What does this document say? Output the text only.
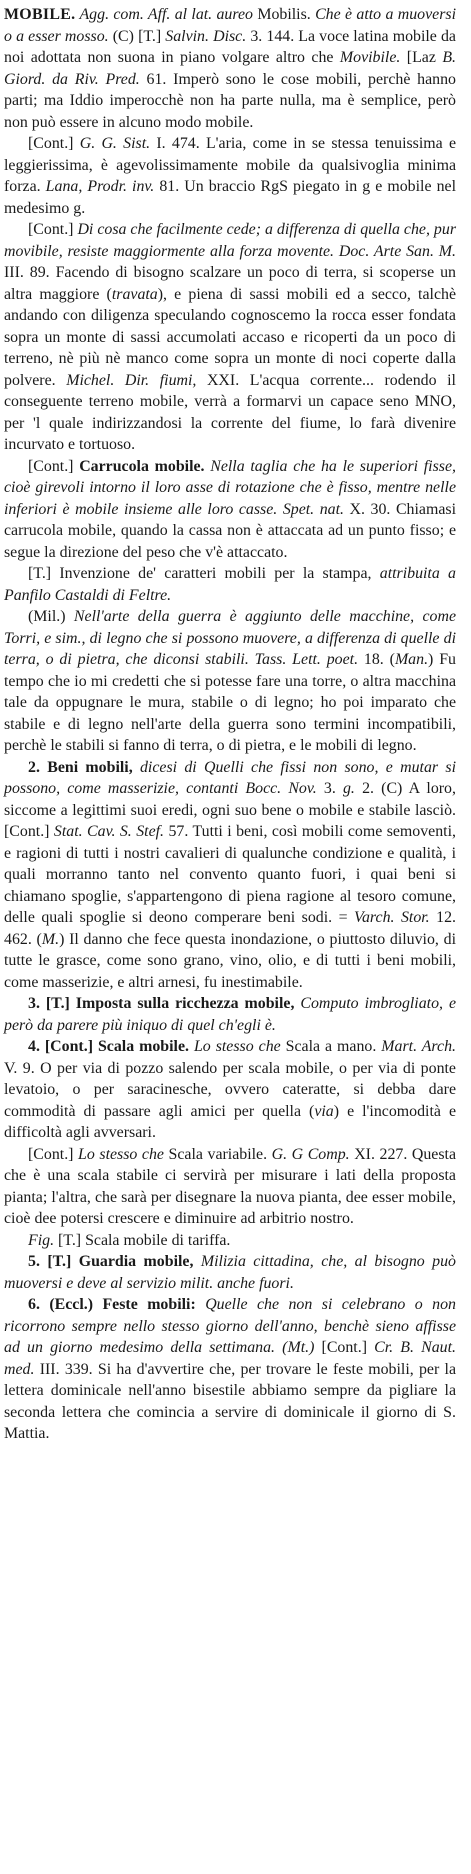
MOBILE. Agg. com. Aff. al lat. aureo Mobilis. Che è atto a muoversi o a esser mosso. (C) [T.] Salvin. Disc. 3. 144. La voce latina mobile da noi adottata non suona in piano volgare altro che Movibile. [Laz B. Giord. da Riv. Pred. 61. Imperò sono le cose mobili, perchè hanno parti; ma Iddio imperocchè non ha parte nulla, ma è semplice, però non può essere in alcuno modo mobile.

[Cont.] G. G. Sist. I. 474. L'aria, come in se stessa tenuissima e leggierissima, è agevolissimamente mobile da qualsivoglia minima forza. Lana, Prodr. inv. 81. Un braccio RgS piegato in g e mobile nel medesimo g.

[Cont.] Di cosa che facilmente cede; a differenza di quella che, pur movibile, resiste maggiormente alla forza movente. Doc. Arte San. M. III. 89. Facendo di bisogno scalzare un poco di terra, si scoperse un altra maggiore (travata), e piena di sassi mobili ed a secco, talchè andando con diligenza speculando cognoscemo la rocca esser fondata sopra un monte di sassi accumolati accaso e ricoperti da un poco di terreno, nè più nè manco come sopra un monte di noci coperte dalla polvere. Michel. Dir. fiumi, XXI. L'acqua corrente... rodendo il conseguente terreno mobile, verrà a formarvi un capace seno MNO, per 'l quale indirizzandosi la corrente del fiume, lo farà divenire incurvato e tortuoso.

[Cont.] Carrucola mobile. Nella taglia che ha le superiori fisse, cioè girevoli intorno il loro asse di rotazione che è fisso, mentre nelle inferiori è mobile insieme alle loro casse. Spet. nat. X. 30. Chiamasi carrucola mobile, quando la cassa non è attaccata ad un punto fisso; e segue la direzione del peso che v'è attaccato.

[T.] Invenzione de' caratteri mobili per la stampa, attribuita a Panfilo Castaldi di Feltre.

(Mil.) Nell'arte della guerra è aggiunto delle macchine, come Torri, e sim., di legno che si possono muovere, a differenza di quelle di terra, o di pietra, che diconsi stabili. Tass. Lett. poet. 18. (Man.) Fu tempo che io mi credetti che si potesse fare una torre, o altra macchina tale da oppugnare le mura, stabile o di legno; ho poi imparato che stabile e di legno nell'arte della guerra sono termini incompatibili, perchè le stabili si fanno di terra, o di pietra, e le mobili di legno.

2. Beni mobili, dicesi di Quelli che fissi non sono, e mutar si possono, come masserizie, contanti Bocc. Nov. 3. g. 2. (C) A loro, siccome a legittimi suoi eredi, ogni suo bene o mobile e stabile lasciò. [Cont.] Stat. Cav. S. Stef. 57. Tutti i beni, così mobili come semoventi, e ragioni di tutti i nostri cavalieri di qualunche condizione e qualità, i quali morranno tanto nel convento quanto fuori, i quai beni si chiamano spoglie, s'appartengono di piena ragione al tesoro comune, delle quali spoglie si deono comperare beni sodi. = Varch. Stor. 12. 462. (M.) Il danno che fece questa inondazione, o piuttosto diluvio, di tutte le grasce, come sono grano, vino, olio, e di tutti i beni mobili, come masserizie, e altri arnesi, fu inestimabile.

3. [T.] Imposta sulla ricchezza mobile, Computo imbrogliato, e però da parere più iniquo di quel ch'egli è.

4. [Cont.] Scala mobile. Lo stesso che Scala a mano. Mart. Arch. V. 9. O per via di pozzo salendo per scala mobile, o per via di ponte levatoio, o per saracinesche, ovvero cateratte, si debba dare commodità di passare agli amici per quella (via) e l'incomodità e difficoltà agli avversari.

[Cont.] Lo stesso che Scala variabile. G. G Comp. XI. 227. Questa che è una scala stabile ci servirà per misurare i lati della proposta pianta; l'altra, che sarà per disegnare la nuova pianta, dee esser mobile, cioè dee potersi crescere e diminuire ad arbitrio nostro.

Fig. [T.] Scala mobile di tariffa.

5. [T.] Guardia mobile, Milizia cittadina, che, al bisogno può muoversi e deve al servizio milit. anche fuori.

6. (Eccl.) Feste mobili: Quelle che non si celebrano o non ricorrono sempre nello stesso giorno dell'anno, benchè sieno affisse ad un giorno medesimo della settimana. (Mt.) [Cont.] Cr. B. Naut. med. III. 339. Si ha d'avvertire che, per trovare le feste mobili, per la lettera dominicale nell'anno bisestile abbiamo sempre da pigliare la seconda lettera che comincia a servire di dominicale il giorno di S. Mattia.
